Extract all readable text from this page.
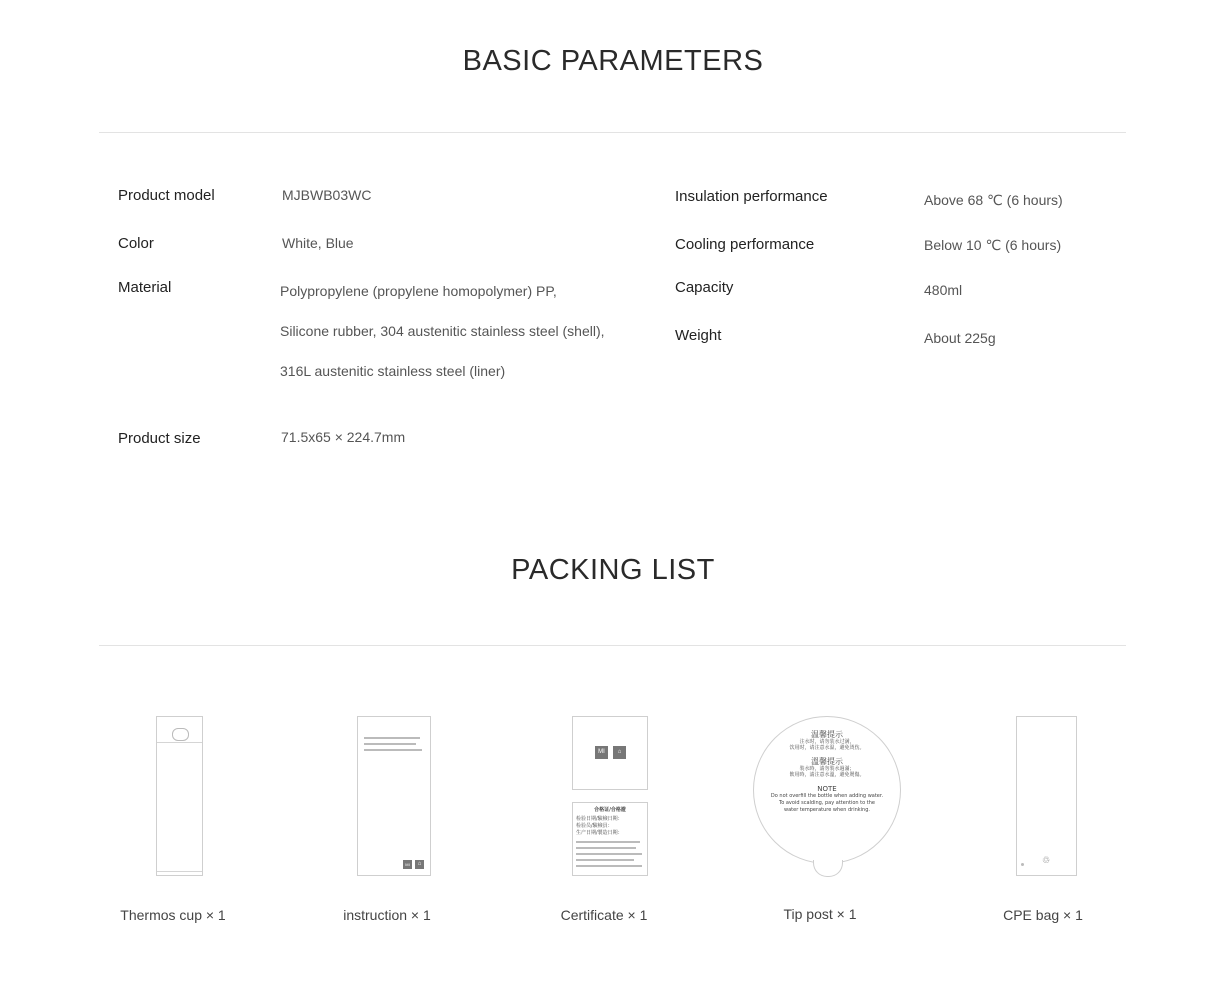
BASIC PARAMETERS
Product model	MJBWB03WC
Color	White, Blue
Material	Polypropylene (propylene homopolymer) PP,
Silicone rubber, 304 austenitic stainless steel (shell),
316L austenitic stainless steel (liner)
Product size	71.5x65 × 224.7mm
Insulation performance	Above 68 ℃ (6 hours)
Cooling performance	Below 10 ℃ (6 hours)
Capacity	480ml
Weight	About 225g
PACKING LIST
Thermos cup × 1
MI	⌂
instruction × 1
MI	⌂
合格证/合格證
检验日期/驗檢日期：
检验员/驗檢員：
生产日期/製造日期：
Certificate × 1
温馨提示
注水时，请勿装水过满，
饮用时，请注意水温，避免烫伤。
溫馨提示
裝水時，請勿裝水過滿；
飲用時，請注意水溫，避免燙傷。
NOTE
Do not overfill the bottle when adding water.
To avoid scalding, pay attention to the
water temperature when drinking.
Tip post × 1
♲
CPE bag × 1
